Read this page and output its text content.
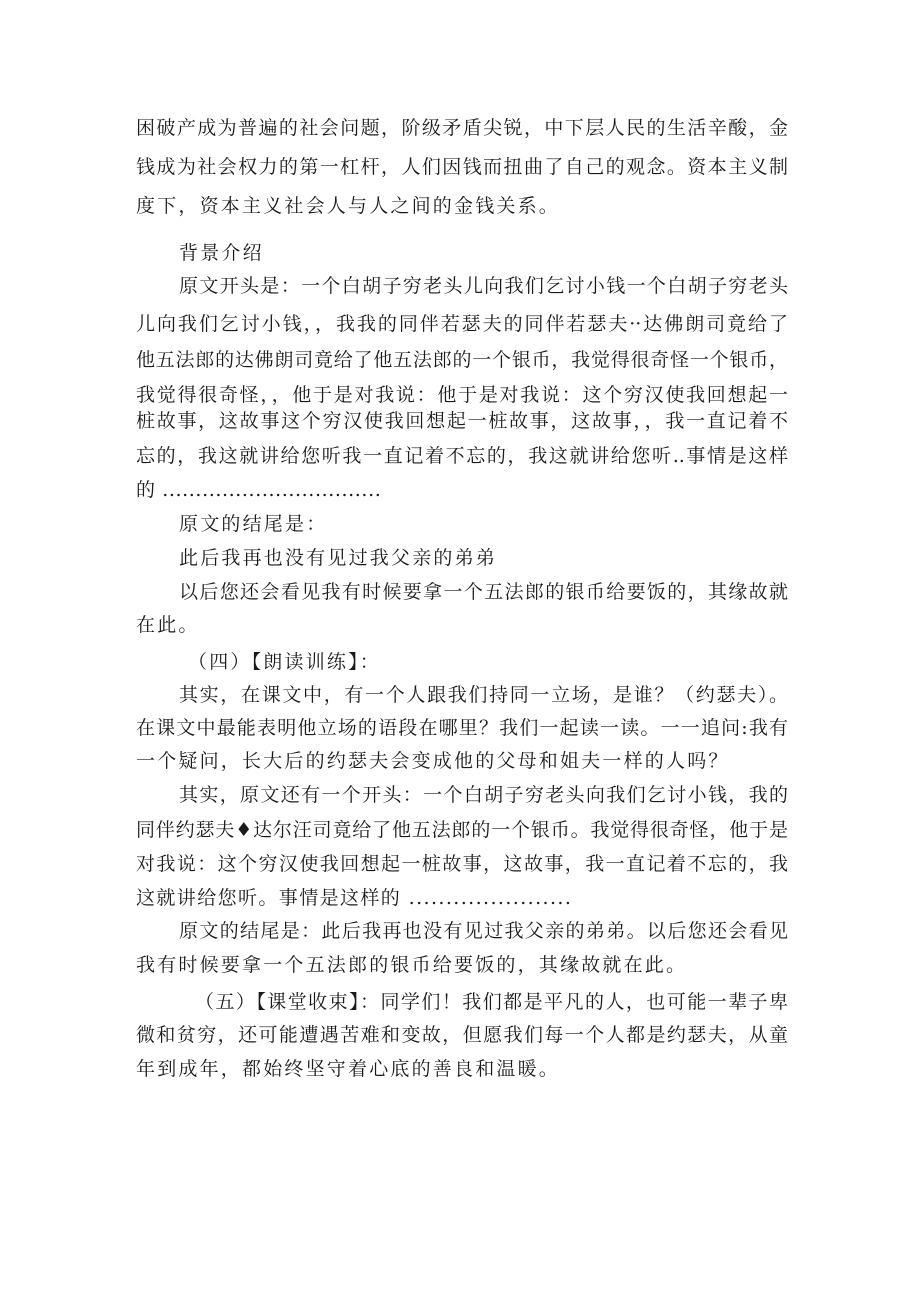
困破产成为普遍的社会问题，阶级矛盾尖锐，中下层人民的生活辛酸，金
钱成为社会权力的第一杠杆，人们因钱而扭曲了自己的观念。资本主义制
度下，资本主义社会人与人之间的金钱关系。
背景介绍
原文开头是：一个白胡子穷老头儿向我们乞讨小钱一个白胡子穷老头
儿向我们乞讨小钱，，我我的同伴若瑟夫的同伴若瑟夫··达佛朗司竟给了
他五法郎的达佛朗司竟给了他五法郎的一个银币，我觉得很奇怪一个银币，
我觉得很奇怪，，他于是对我说：他于是对我说：这个穷汉使我回想起一
桩故事，这故事这个穷汉使我回想起一桩故事，这故事，，我一直记着不
忘的，我这就讲给您听我一直记着不忘的，我这就讲给您听..事情是这样
的 .................................
原文的结尾是：
此后我再也没有见过我父亲的弟弟
以后您还会看见我有时候要拿一个五法郎的银币给要饭的，其缘故就
在此。
（四）【朗读训练】：
其实，在课文中，有一个人跟我们持同一立场，是谁？（约瑟夫）。
在课文中最能表明他立场的语段在哪里？我们一起读一读。一一追问:我有
一个疑问，长大后的约瑟夫会变成他的父母和姐夫一样的人吗？
其实，原文还有一个开头：一个白胡子穷老头向我们乞讨小钱，我的
同伴约瑟夫♦达尔汪司竟给了他五法郎的一个银币。我觉得很奇怪，他于是
对我说：这个穷汉使我回想起一桩故事，这故事，我一直记着不忘的，我
这就讲给您听。事情是这样的 ......................
原文的结尾是：此后我再也没有见过我父亲的弟弟。以后您还会看见
我有时候要拿一个五法郎的银币给要饭的，其缘故就在此。
（五）【课堂收束】：同学们！我们都是平凡的人，也可能一辈子卑
微和贫穷，还可能遭遇苦难和变故，但愿我们每一个人都是约瑟夫，从童
年到成年，都始终坚守着心底的善良和温暖。
